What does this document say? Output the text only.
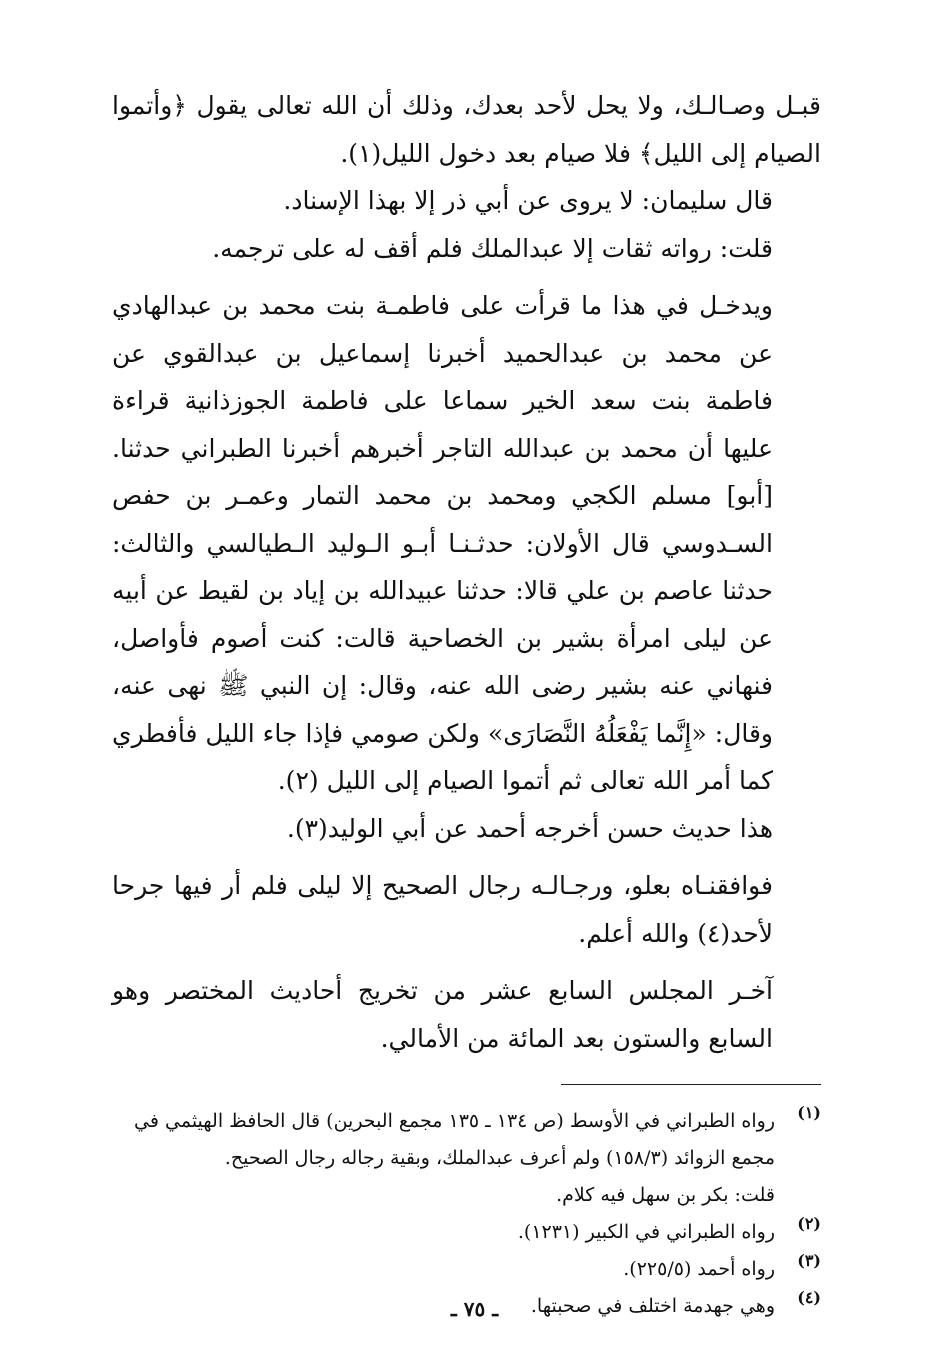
قبـل وصـالـك، ولا يحل لأحد بعدك، وذلك أن الله تعالى يقول ﴿وأتموا الصيام إلى الليل﴾ فلا صيام بعد دخول الليل(١).

قال سليمان: لا يروى عن أبي ذر إلا بهذا الإسناد.

قلت: رواته ثقات إلا عبدالملك فلم أقف له على ترجمه.

ويدخـل في هذا ما قرأت على فاطمـة بنت محمد بن عبدالهادي عن محمد بن عبدالحميد أخبرنا إسماعيل بن عبدالقوي عن فاطمة بنت سعد الخير سماعا على فاطمة الجوزذانية قراءة عليها أن محمد بن عبدالله التاجر أخبرهم أخبرنا الطبراني حدثنا. [أبو] مسلم الكجي ومحمد بن محمد التمار وعمـر بن حفص السـدوسي قال الأولان: حدثـنـا أبـو الـوليد الـطيالسي والثالث: حدثنا عاصم بن علي قالا: حدثنا عبيدالله بن إياد بن لقيط عن أبيه عن ليلى امرأة بشير بن الخصاحية قالت: كنت أصوم فأواصل، فنهاني عنه بشير رضى الله عنه، وقال: إن النبي ﷺ نهى عنه، وقال: «إِنَّما يَفْعَلُهُ النَّصَارَى» ولكن صومي فإذا جاء الليل فأفطري كما أمر الله تعالى ثم أتموا الصيام إلى الليل (٢).

هذا حديث حسن أخرجه أحمد عن أبي الوليد(٣).

فوافقنـاه بعلو، ورجـالـه رجال الصحيح إلا ليلى فلم أر فيها جرحا لأحد(٤) والله أعلم.

آخـر المجلس السابع عشر من تخريج أحاديث المختصر وهو السابع والستون بعد المائة من الأمالي.

(١)

رواه الطبراني في الأوسط (ص ١٣٤ ـ ١٣٥ مجمع البحرين) قال الحافظ الهيثمي في مجمع الزوائد (١٥٨/٣) ولم أعرف عبدالملك، وبقية رجاله رجال الصحيح.

قلت: بكر بن سهل فيه كلام.

(٢)

رواه الطبراني في الكبير (١٢٣١).

(٣)

رواه أحمد (٢٢٥/٥).

(٤)

وهي جهدمة اختلف في صحبتها.

ـ ٧٥ ـ
